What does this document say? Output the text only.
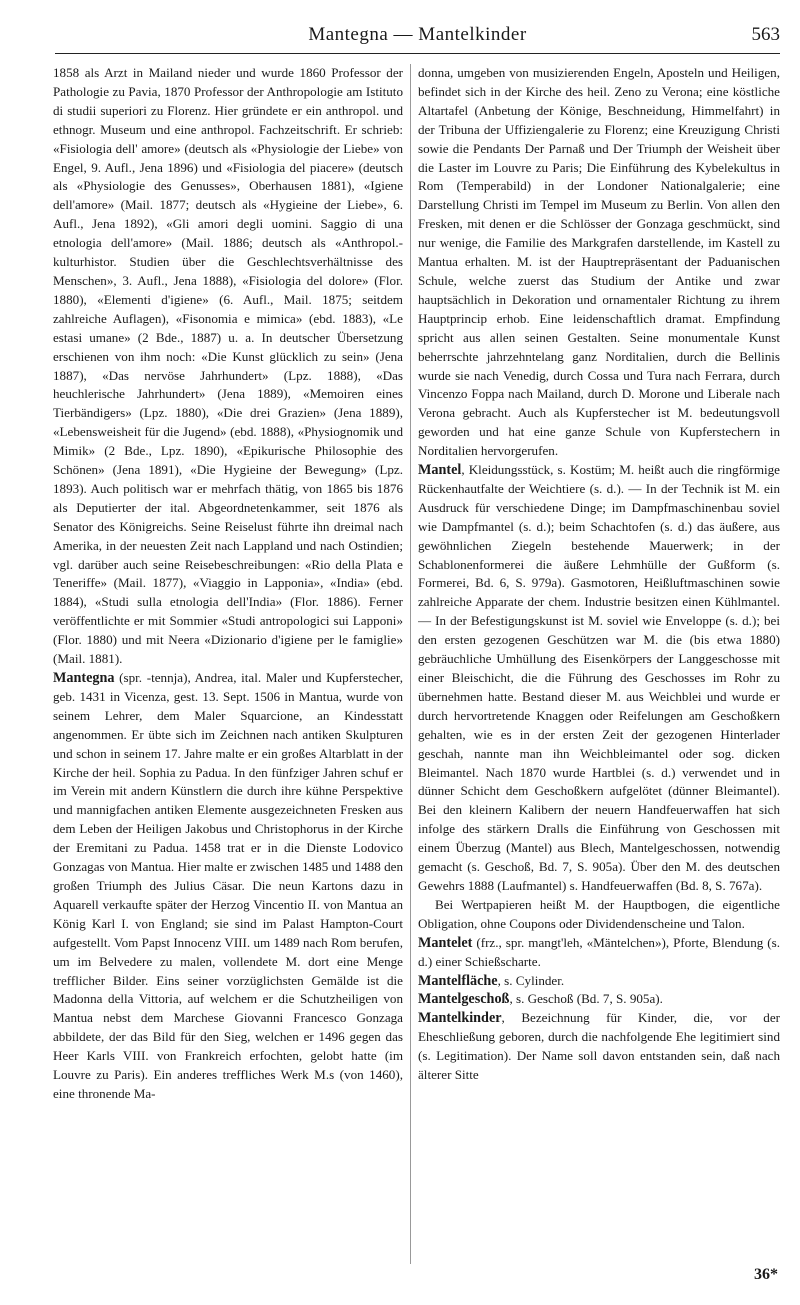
Mantegna — Mantelkinder	563

1858 als Arzt in Mailand nieder und wurde 1860 Professor der Pathologie zu Pavia, 1870 Professor der Anthropologie am Istituto di studii superiori zu Florenz. Hier gründete er ein anthropol. und ethnogr. Museum und eine anthropol. Fachzeitschrift. Er schrieb: «Fisiologia dell' amore» (deutsch als «Physiologie der Liebe» von Engel, 9. Aufl., Jena 1896) und «Fisiologia del piacere» (deutsch als «Physiologie des Genusses», Oberhausen 1881), «Igiene dell'amore» (Mail. 1877; deutsch als «Hygieine der Liebe», 6. Aufl., Jena 1892), «Gli amori degli uomini. Saggio di una etnologia dell'amore» (Mail. 1886; deutsch als «Anthropol.-kulturhistor. Studien über die Geschlechtsverhältnisse des Menschen», 3. Aufl., Jena 1888), «Fisiologia del dolore» (Flor. 1880), «Elementi d'igiene» (6. Aufl., Mail. 1875; seitdem zahlreiche Auflagen), «Fisonomia e mimica» (ebd. 1883), «Le estasi umane» (2 Bde., 1887) u. a. In deutscher Übersetzung erschienen von ihm noch: «Die Kunst glücklich zu sein» (Jena 1887), «Das nervöse Jahrhundert» (Lpz. 1888), «Das heuchlerische Jahrhundert» (Jena 1889), «Memoiren eines Tierbändigers» (Lpz. 1880), «Die drei Grazien» (Jena 1889), «Lebensweisheit für die Jugend» (ebd. 1888), «Physiognomik und Mimik» (2 Bde., Lpz. 1890), «Epikurische Philosophie des Schönen» (Jena 1891), «Die Hygieine der Bewegung» (Lpz. 1893). Auch politisch war er mehrfach thätig, von 1865 bis 1876 als Deputierter der ital. Abgeordnetenkammer, seit 1876 als Senator des Königreichs. Seine Reiselust führte ihn dreimal nach Amerika, in der neuesten Zeit nach Lappland und nach Ostindien; vgl. darüber auch seine Reisebeschreibungen: «Rio della Plata e Teneriffe» (Mail. 1877), «Viaggio in Lapponia», «India» (ebd. 1884), «Studi sulla etnologia dell'India» (Flor. 1886). Ferner veröffentlichte er mit Sommier «Studi antropologici sui Lapponi» (Flor. 1880) und mit Neera «Dizionario d'igiene per le famiglie» (Mail. 1881).

Mantegna (spr. -tennja), Andrea, ital. Maler und Kupferstecher, geb. 1431 in Vicenza, gest. 13. Sept. 1506 in Mantua, wurde von seinem Lehrer, dem Maler Squarcione, an Kindesstatt angenommen. Er übte sich im Zeichnen nach antiken Skulpturen und schon in seinem 17. Jahre malte er ein großes Altarblatt in der Kirche der heil. Sophia zu Padua. In den fünfziger Jahren schuf er im Verein mit andern Künstlern die durch ihre kühne Perspektive und mannigfachen antiken Elemente ausgezeichneten Fresken aus dem Leben der Heiligen Jakobus und Christophorus in der Kirche der Eremitani zu Padua. 1458 trat er in die Dienste Lodovico Gonzagas von Mantua. Hier malte er zwischen 1485 und 1488 den großen Triumph des Julius Cäsar. Die neun Kartons dazu in Aquarell verkaufte später der Herzog Vincentio II. von Mantua an König Karl I. von England; sie sind im Palast Hampton-Court aufgestellt. Vom Papst Innocenz VIII. um 1489 nach Rom berufen, um im Belvedere zu malen, vollendete M. dort eine Menge trefflicher Bilder. Eins seiner vorzüglichsten Gemälde ist die Madonna della Vittoria, auf welchem er die Schutzheiligen von Mantua nebst dem Marchese Giovanni Francesco Gonzaga abbildete, der das Bild für den Sieg, welchen er 1496 gegen das Heer Karls VIII. von Frankreich erfochten, gelobt hatte (im Louvre zu Paris). Ein anderes treffliches Werk M.s (von 1460), eine thronende Ma-

donna, umgeben von musizierenden Engeln, Aposteln und Heiligen, befindet sich in der Kirche des heil. Zeno zu Verona; eine köstliche Altartafel (Anbetung der Könige, Beschneidung, Himmelfahrt) in der Tribuna der Uffiziengalerie zu Florenz; eine Kreuzigung Christi sowie die Pendants Der Parnaß und Der Triumph der Weisheit über die Laster im Louvre zu Paris; Die Einführung des Kybelekultus in Rom (Temperabild) in der Londoner Nationalgalerie; eine Darstellung Christi im Tempel im Museum zu Berlin. Von allen den Fresken, mit denen er die Schlösser der Gonzaga geschmückt, sind nur wenige, die Familie des Markgrafen darstellende, im Kastell zu Mantua erhalten. M. ist der Hauptrepräsentant der Paduanischen Schule, welche zuerst das Studium der Antike und zwar hauptsächlich in Dekoration und ornamentaler Richtung zu ihrem Hauptprincip erhob. Eine leidenschaftlich dramat. Empfindung spricht aus allen seinen Gestalten. Seine monumentale Kunst beherrschte jahrzehntelang ganz Norditalien, durch die Bellinis wurde sie nach Venedig, durch Cossa und Tura nach Ferrara, durch Vincenzo Foppa nach Mailand, durch D. Morone und Liberale nach Verona gebracht. Auch als Kupferstecher ist M. bedeutungsvoll geworden und hat eine ganze Schule von Kupferstechern in Norditalien hervorgerufen.

Mantel, Kleidungsstück, s. Kostüm; M. heißt auch die ringförmige Rückenhautfalte der Weichtiere (s. d.). — In der Technik ist M. ein Ausdruck für verschiedene Dinge; im Dampfmaschinenbau soviel wie Dampfmantel (s. d.); beim Schachtofen (s. d.) das äußere, aus gewöhnlichen Ziegeln bestehende Mauerwerk; in der Schablonenformerei die äußere Lehmhülle der Gußform (s. Formerei, Bd. 6, S. 979a). Gasmotoren, Heißluftmaschinen sowie zahlreiche Apparate der chem. Industrie besitzen einen Kühlmantel. — In der Befestigungskunst ist M. soviel wie Enveloppe (s. d.); bei den ersten gezogenen Geschützen war M. die (bis etwa 1880) gebräuchliche Umhüllung des Eisenkörpers der Langgeschosse mit einer Bleischicht, die die Führung des Geschosses im Rohr zu übernehmen hatte. Bestand dieser M. aus Weichblei und wurde er durch hervortretende Knaggen oder Reifelungen am Geschoßkern gehalten, wie es in der ersten Zeit der gezogenen Hinterlader geschah, nannte man ihn Weichbleimantel oder sog. dicken Bleimantel. Nach 1870 wurde Hartblei (s. d.) verwendet und in dünner Schicht dem Geschoßkern aufgelötet (dünner Bleimantel). Bei den kleinern Kalibern der neuern Handfeuerwaffen hat sich infolge des stärkern Dralls die Einführung von Geschossen mit einem Überzug (Mantel) aus Blech, Mantelgeschossen, notwendig gemacht (s. Geschoß, Bd. 7, S. 905a). Über den M. des deutschen Gewehrs 1888 (Laufmantel) s. Handfeuerwaffen (Bd. 8, S. 767a).

Bei Wertpapieren heißt M. der Hauptbogen, die eigentliche Obligation, ohne Coupons oder Dividendenscheine und Talon.

Mantelet (frz., spr. mangt'leh, «Mäntelchen»), Pforte, Blendung (s. d.) einer Schießscharte.

Mantelfläche, s. Cylinder.

Mantelgeschoß, s. Geschoß (Bd. 7, S. 905a).

Mantelkinder, Bezeichnung für Kinder, die, vor der Eheschließung geboren, durch die nachfolgende Ehe legitimiert sind (s. Legitimation). Der Name soll davon entstanden sein, daß nach älterer Sitte

36*
